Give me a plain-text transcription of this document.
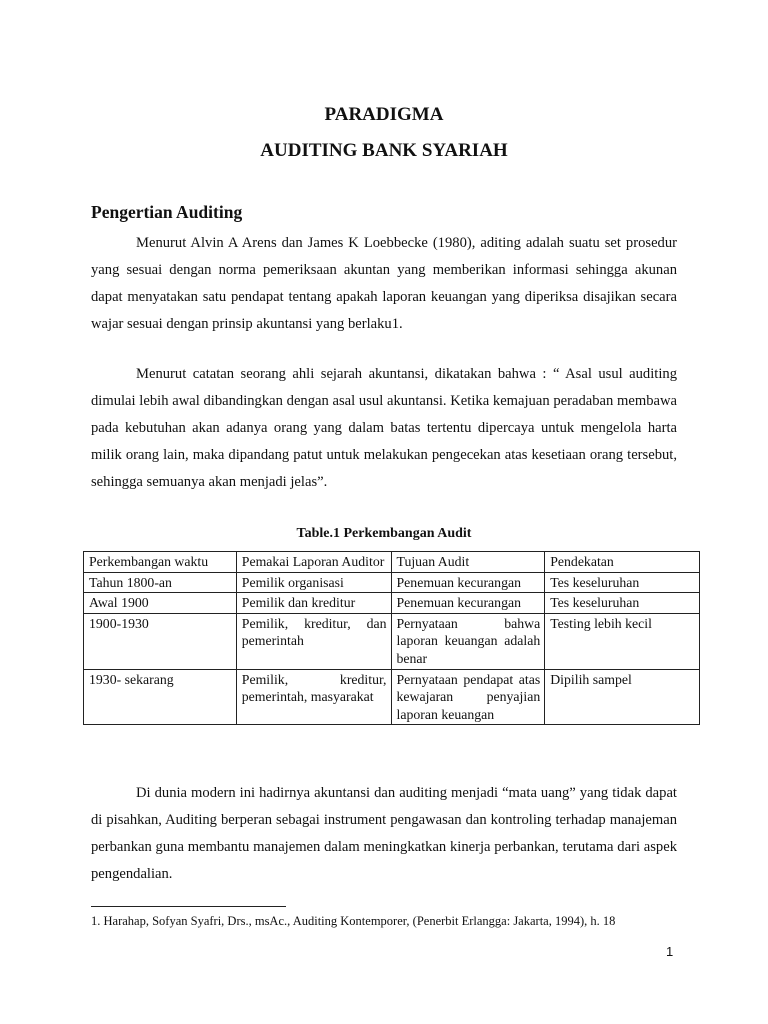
PARADIGMA
AUDITING BANK SYARIAH
Pengertian Auditing

Menurut Alvin A Arens dan James K Loebbecke (1980), aditing adalah suatu set prosedur yang sesuai dengan norma pemeriksaan akuntan yang memberikan informasi sehingga akunan dapat menyatakan satu pendapat tentang apakah laporan keuangan yang diperiksa disajikan secara wajar sesuai dengan prinsip akuntansi yang berlaku1.

Menurut catatan seorang ahli sejarah akuntansi, dikatakan bahwa : “ Asal usul auditing dimulai lebih awal dibandingkan dengan asal usul akuntansi. Ketika kemajuan peradaban membawa pada kebutuhan akan adanya orang yang dalam batas tertentu dipercaya untuk mengelola harta milik orang lain, maka dipandang patut untuk melakukan pengecekan atas kesetiaan orang tersebut, sehingga semuanya akan menjadi jelas”.

Table.1 Perkembangan Audit

Perkembangan waktu	Pemakai Laporan Auditor	Tujuan Audit	Pendekatan
Tahun 1800-an	Pemilik organisasi	Penemuan kecurangan	Tes keseluruhan
Awal 1900	Pemilik dan kreditur	Penemuan kecurangan	Tes keseluruhan
1900-1930	Pemilik, kreditur, dan pemerintah	Pernyataan bahwa laporan keuangan adalah benar	Testing lebih kecil
1930- sekarang	Pemilik, kreditur, pemerintah, masyarakat	Pernyataan pendapat atas kewajaran penyajian laporan keuangan	Dipilih sampel

Di dunia modern ini hadirnya akuntansi dan auditing menjadi “mata uang” yang tidak dapat di pisahkan, Auditing berperan sebagai instrument pengawasan dan kontroling terhadap manajeman perbankan guna membantu manajemen dalam meningkatkan kinerja perbankan, terutama dari aspek pengendalian.

1. Harahap, Sofyan Syafri, Drs., msAc., Auditing Kontemporer, (Penerbit Erlangga: Jakarta, 1994), h. 18

1
